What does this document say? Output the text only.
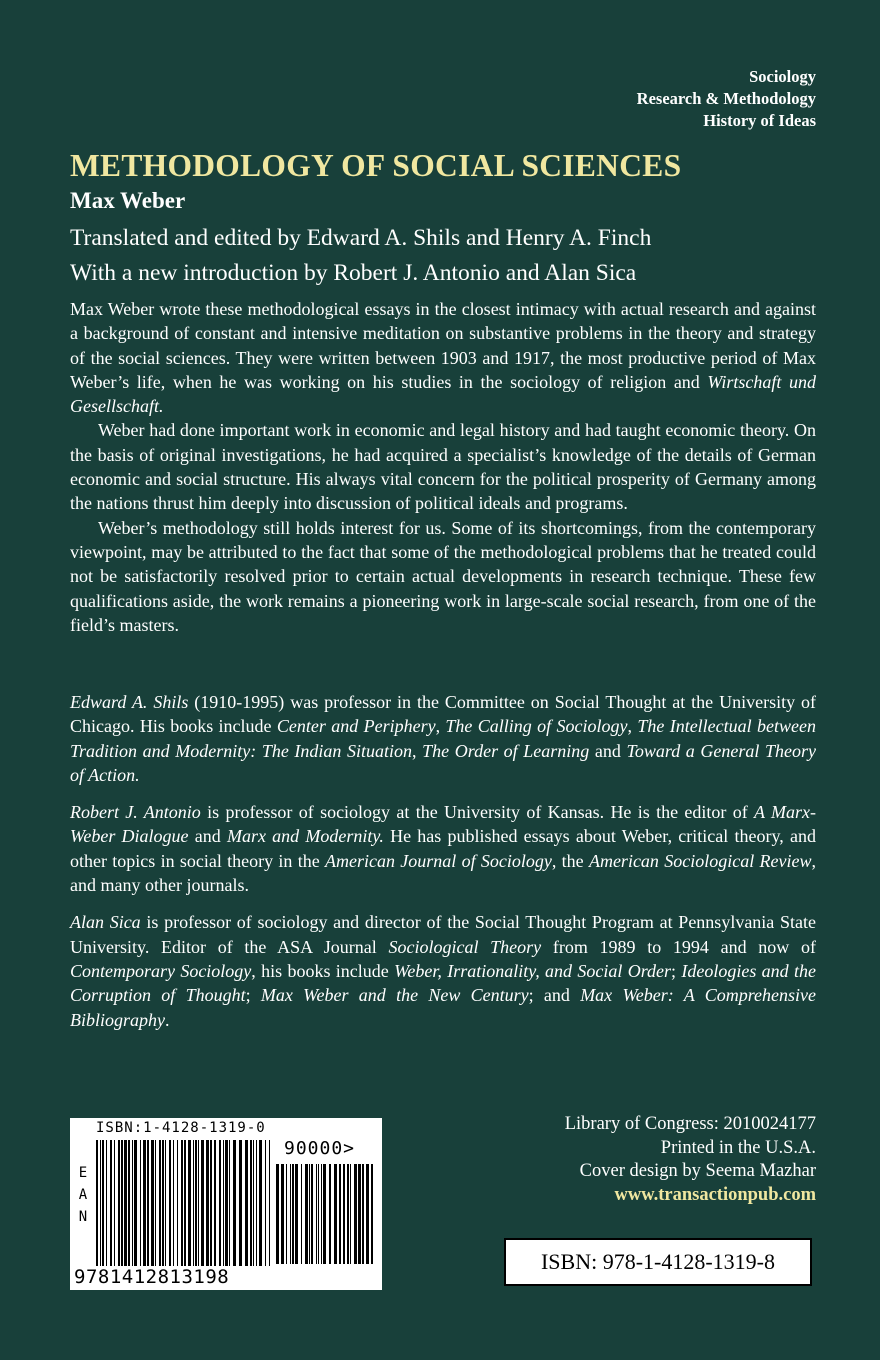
Sociology
Research & Methodology
History of Ideas
METHODOLOGY OF SOCIAL SCIENCES
Max Weber
Translated and edited by Edward A. Shils and Henry A. Finch
With a new introduction by Robert J. Antonio and Alan Sica

Max Weber wrote these methodological essays in the closest intimacy with actual research and against a background of constant and intensive meditation on substantive problems in the theory and strategy of the social sciences. They were written between 1903 and 1917, the most productive period of Max Weber’s life, when he was working on his studies in the sociology of religion and Wirtschaft und Gesellschaft.

Weber had done important work in economic and legal history and had taught economic theory. On the basis of original investigations, he had acquired a specialist’s knowledge of the details of German economic and social structure. His always vital concern for the political prosperity of Germany among the nations thrust him deeply into discussion of political ideals and programs.

Weber’s methodology still holds interest for us. Some of its shortcomings, from the contemporary viewpoint, may be attributed to the fact that some of the methodological problems that he treated could not be satisfactorily resolved prior to certain actual developments in research technique. These few qualifications aside, the work remains a pioneering work in large-scale social research, from one of the field’s masters.

Edward A. Shils (1910-1995) was professor in the Committee on Social Thought at the University of Chicago. His books include Center and Periphery, The Calling of Sociology, The Intellectual between Tradition and Modernity: The Indian Situation, The Order of Learning and Toward a General Theory of Action.

Robert J. Antonio is professor of sociology at the University of Kansas. He is the editor of A Marx-Weber Dialogue and Marx and Modernity. He has published essays about Weber, critical theory, and other topics in social theory in the American Journal of Sociology, the American Sociological Review, and many other journals.

Alan Sica is professor of sociology and director of the Social Thought Program at Pennsylvania State University. Editor of the ASA Journal Sociological Theory from 1989 to 1994 and now of Contemporary Sociology, his books include Weber, Irrationality, and Social Order; Ideologies and the Corruption of Thought; Max Weber and the New Century; and Max Weber: A Comprehensive Bibliography.

ISBN:1-4128-1319-0
E
A
N
90000>
9781412813198
Library of Congress: 2010024177
Printed in the U.S.A.
Cover design by Seema Mazhar
www.transactionpub.com
ISBN: 978-1-4128-1319-8
